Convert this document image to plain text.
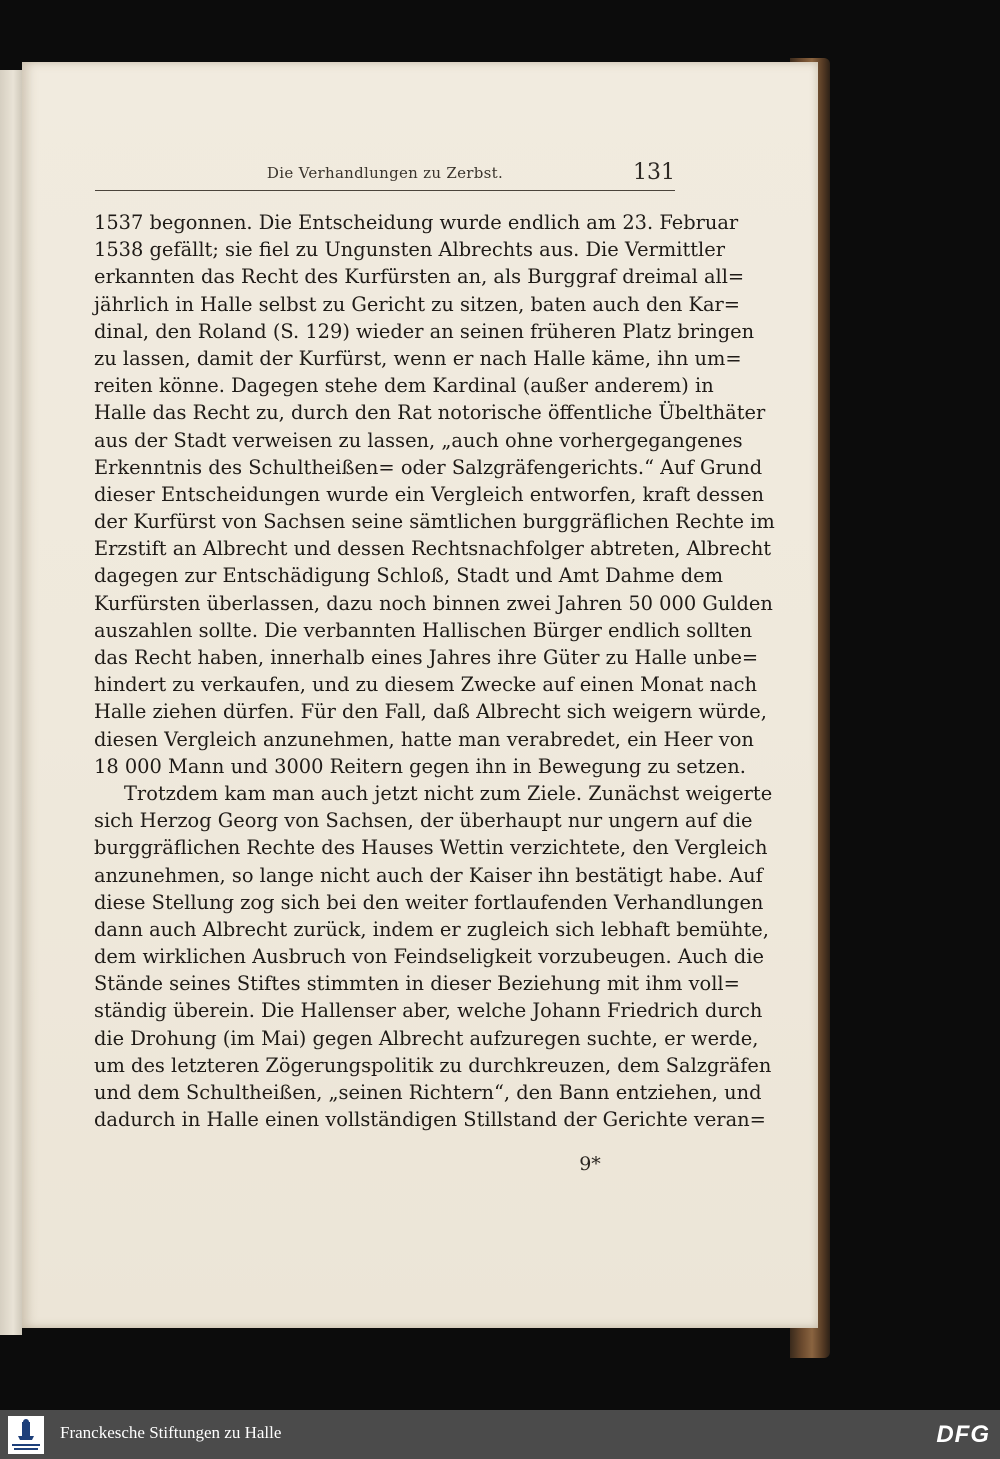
Die Verhandlungen zu Zerbst.	131
1537 begonnen. Die Entscheidung wurde endlich am 23. Februar
1538 gefällt; sie fiel zu Ungunsten Albrechts aus. Die Vermittler
erkannten das Recht des Kurfürsten an, als Burggraf dreimal all=
jährlich in Halle selbst zu Gericht zu sitzen, baten auch den Kar=
dinal, den Roland (S. 129) wieder an seinen früheren Platz bringen
zu lassen, damit der Kurfürst, wenn er nach Halle käme, ihn um=
reiten könne. Dagegen stehe dem Kardinal (außer anderem) in
Halle das Recht zu, durch den Rat notorische öffentliche Übelthäter
aus der Stadt verweisen zu lassen, „auch ohne vorhergegangenes
Erkenntnis des Schultheißen= oder Salzgräfengerichts.“ Auf Grund
dieser Entscheidungen wurde ein Vergleich entworfen, kraft dessen
der Kurfürst von Sachsen seine sämtlichen burggräflichen Rechte im
Erzstift an Albrecht und dessen Rechtsnachfolger abtreten, Albrecht
dagegen zur Entschädigung Schloß, Stadt und Amt Dahme dem
Kurfürsten überlassen, dazu noch binnen zwei Jahren 50 000 Gulden
auszahlen sollte. Die verbannten Hallischen Bürger endlich sollten
das Recht haben, innerhalb eines Jahres ihre Güter zu Halle unbe=
hindert zu verkaufen, und zu diesem Zwecke auf einen Monat nach
Halle ziehen dürfen. Für den Fall, daß Albrecht sich weigern würde,
diesen Vergleich anzunehmen, hatte man verabredet, ein Heer von
18 000 Mann und 3000 Reitern gegen ihn in Bewegung zu setzen.
Trotzdem kam man auch jetzt nicht zum Ziele. Zunächst weigerte
sich Herzog Georg von Sachsen, der überhaupt nur ungern auf die
burggräflichen Rechte des Hauses Wettin verzichtete, den Vergleich
anzunehmen, so lange nicht auch der Kaiser ihn bestätigt habe. Auf
diese Stellung zog sich bei den weiter fortlaufenden Verhandlungen
dann auch Albrecht zurück, indem er zugleich sich lebhaft bemühte,
dem wirklichen Ausbruch von Feindseligkeit vorzubeugen. Auch die
Stände seines Stiftes stimmten in dieser Beziehung mit ihm voll=
ständig überein. Die Hallenser aber, welche Johann Friedrich durch
die Drohung (im Mai) gegen Albrecht aufzuregen suchte, er werde,
um des letzteren Zögerungspolitik zu durchkreuzen, dem Salzgräfen
und dem Schultheißen, „seinen Richtern“, den Bann entziehen, und
dadurch in Halle einen vollständigen Stillstand der Gerichte veran=
9*
Franckesche Stiftungen zu Halle	DFG
